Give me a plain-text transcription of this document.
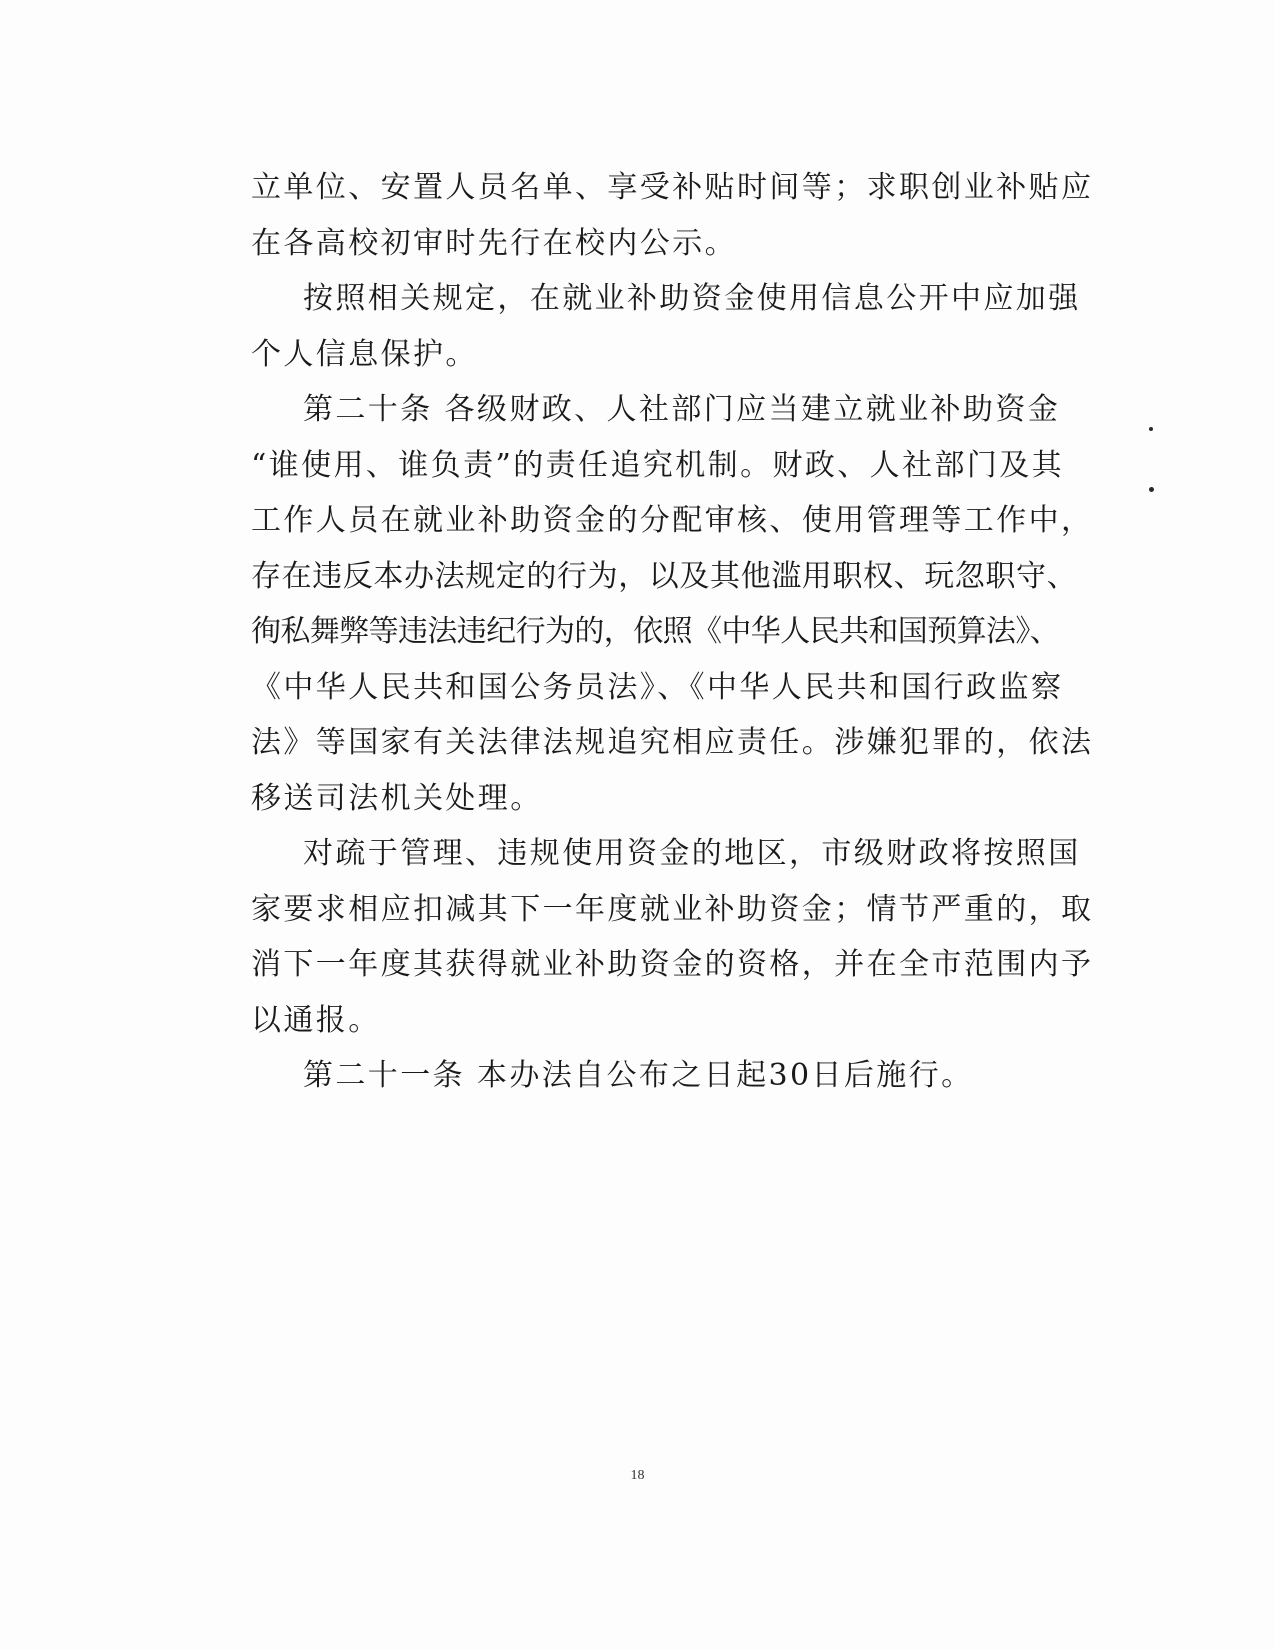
立单位、安置人员名单、享受补贴时间等；求职创业补贴应
在各高校初审时先行在校内公示。
按照相关规定，在就业补助资金使用信息公开中应加强
个人信息保护。
第二十条 各级财政、人社部门应当建立就业补助资金
“谁使用、谁负责”的责任追究机制。财政、人社部门及其
工作人员在就业补助资金的分配审核、使用管理等工作中，
存在违反本办法规定的行为，以及其他滥用职权、玩忽职守、
徇私舞弊等违法违纪行为的，依照《中华人民共和国预算法》、
《中华人民共和国公务员法》、《中华人民共和国行政监察
法》等国家有关法律法规追究相应责任。涉嫌犯罪的，依法
移送司法机关处理。
对疏于管理、违规使用资金的地区，市级财政将按照国
家要求相应扣减其下一年度就业补助资金；情节严重的，取
消下一年度其获得就业补助资金的资格，并在全市范围内予
以通报。
第二十一条 本办法自公布之日起30日后施行。
18
